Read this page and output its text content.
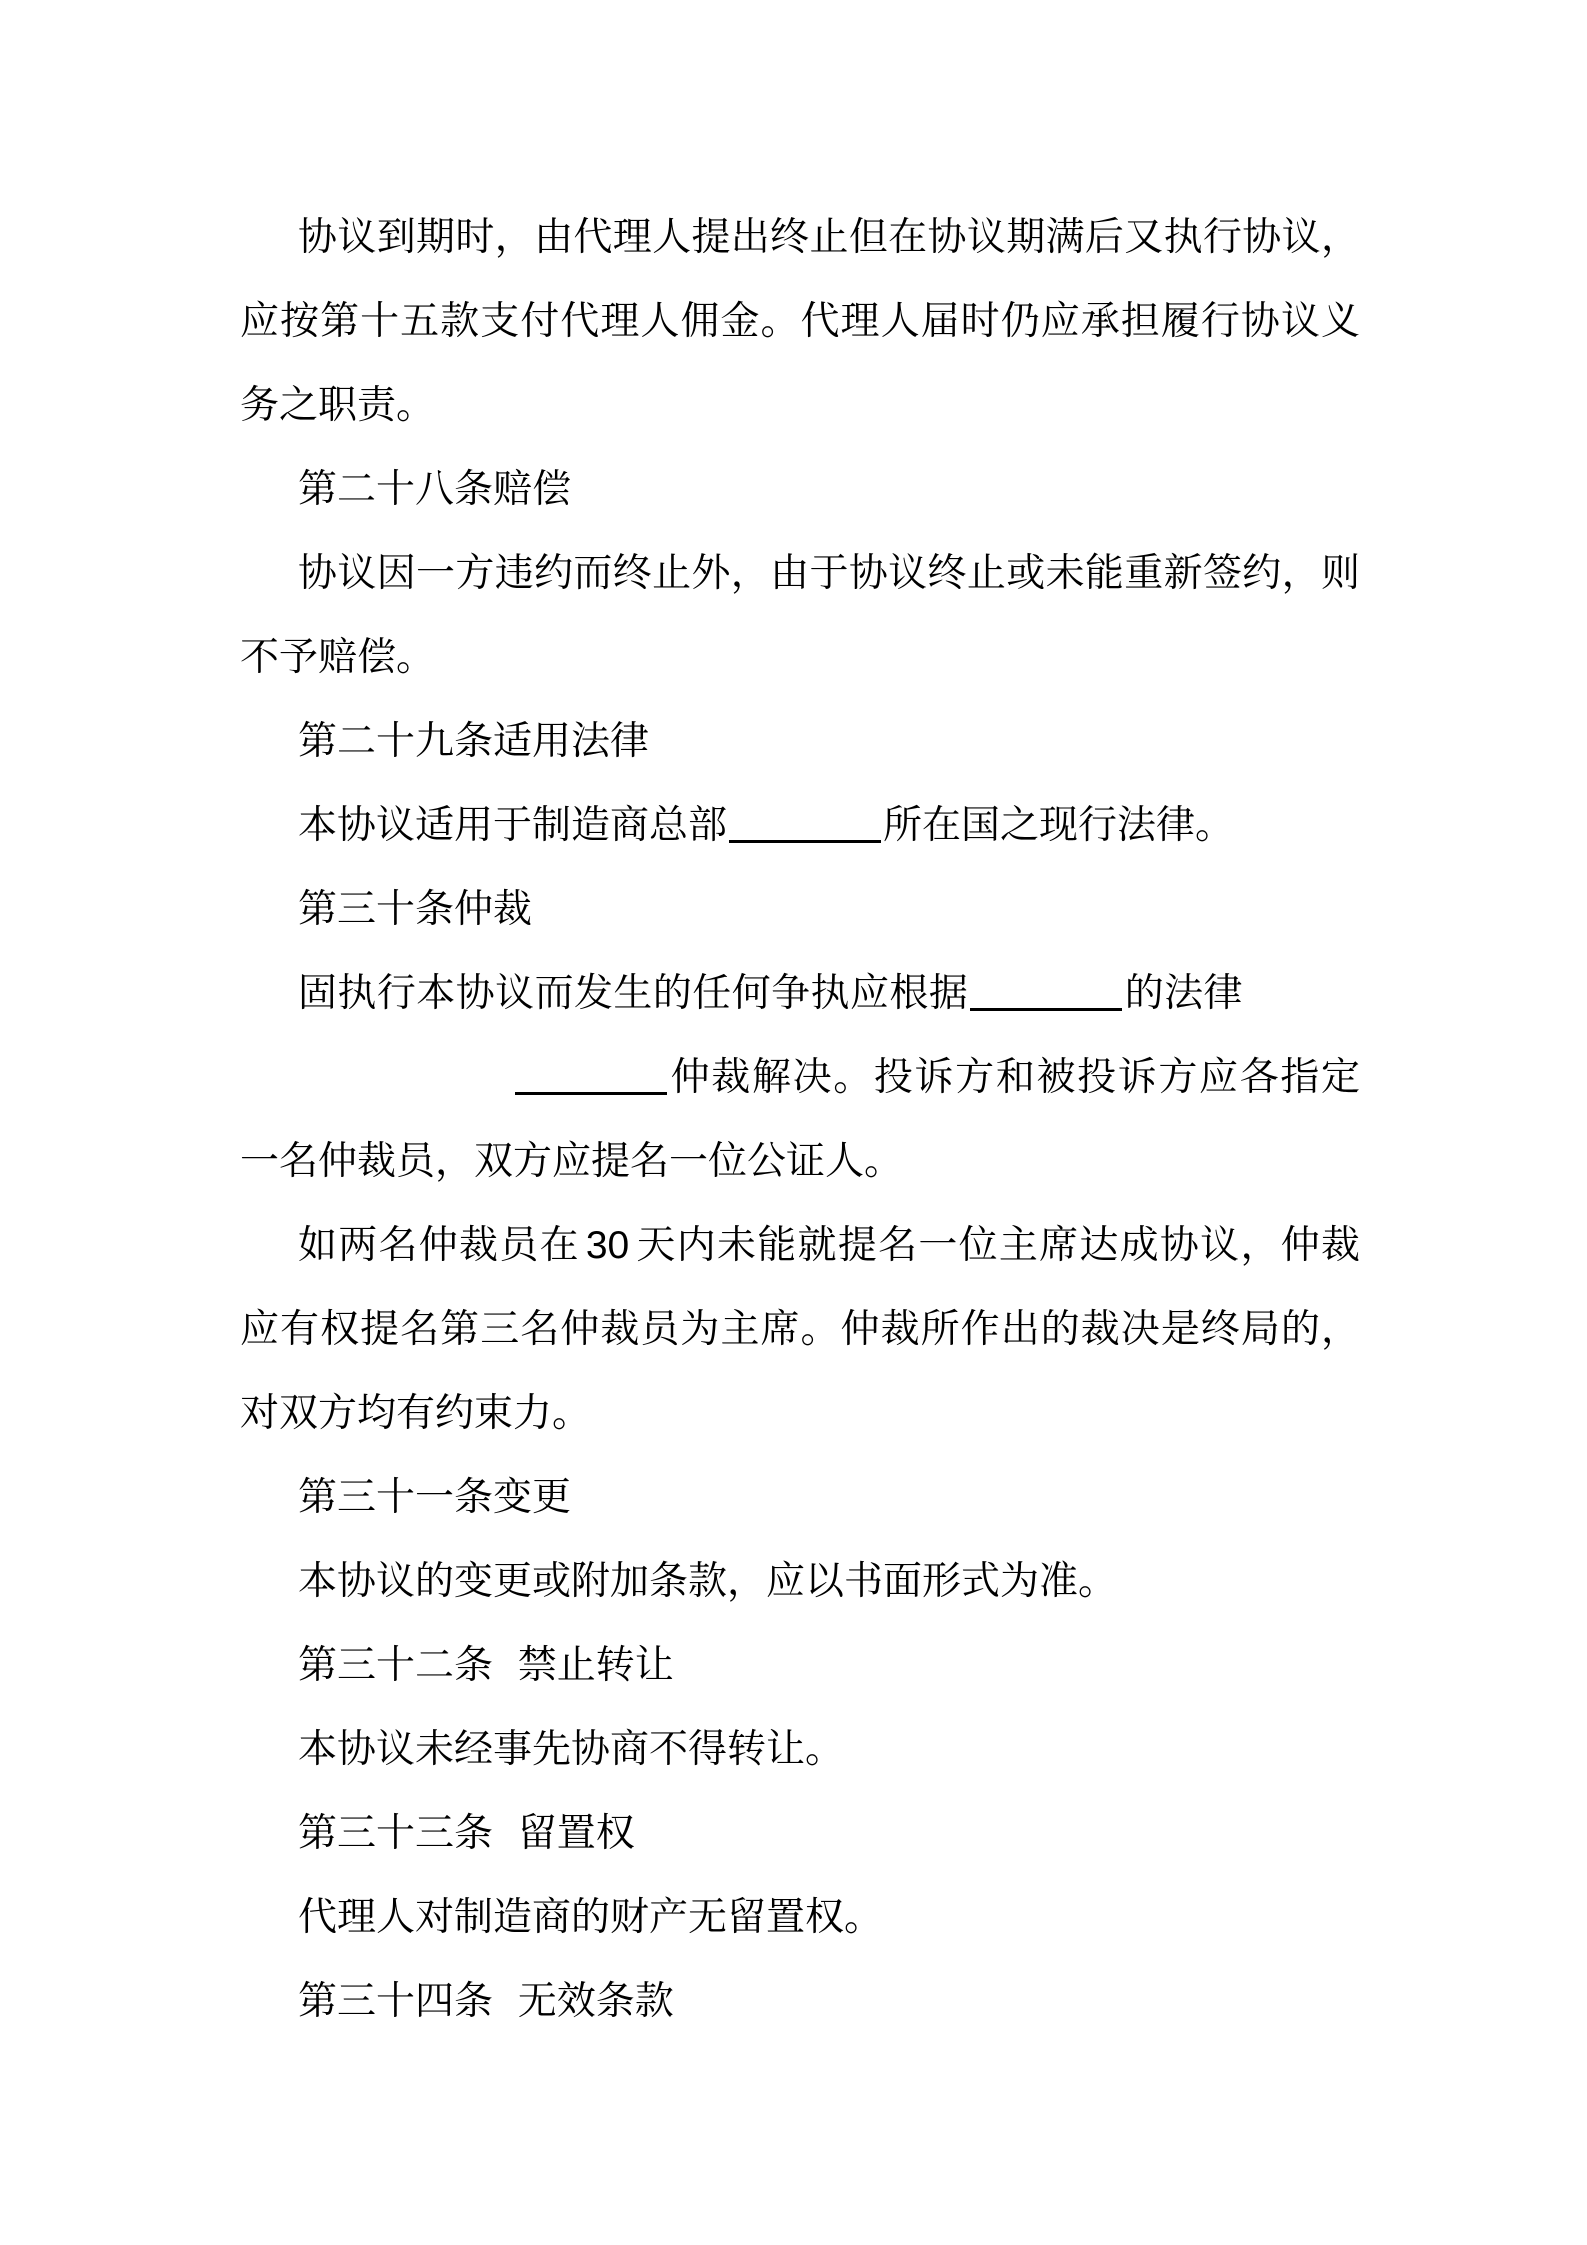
协议到期时，由代理人提出终止但在协议期满后又执行协议，应按第十五款支付代理人佣金。代理人届时仍应承担履行协议义务之职责。

第二十八条赔偿

协议因一方违约而终止外，由于协议终止或未能重新签约，则不予赔偿。

第二十九条适用法律

本协议适用于制造商总部	所在国之现行法律。

第三十条仲裁

固执行本协议而发生的任何争执应根据	的法律          仲裁解决。投诉方和被投诉方应各指定一名仲裁员，双方应提名一位公证人。

如两名仲裁员在 30 天内未能就提名一位主席达成协议，仲裁应有权提名第三名仲裁员为主席。仲裁所作出的裁决是终局的，对双方均有约束力。

第三十一条变更

本协议的变更或附加条款，应以书面形式为准。

第三十二条  禁止转让

本协议未经事先协商不得转让。

第三十三条  留置权

代理人对制造商的财产无留置权。

第三十四条  无效条款
